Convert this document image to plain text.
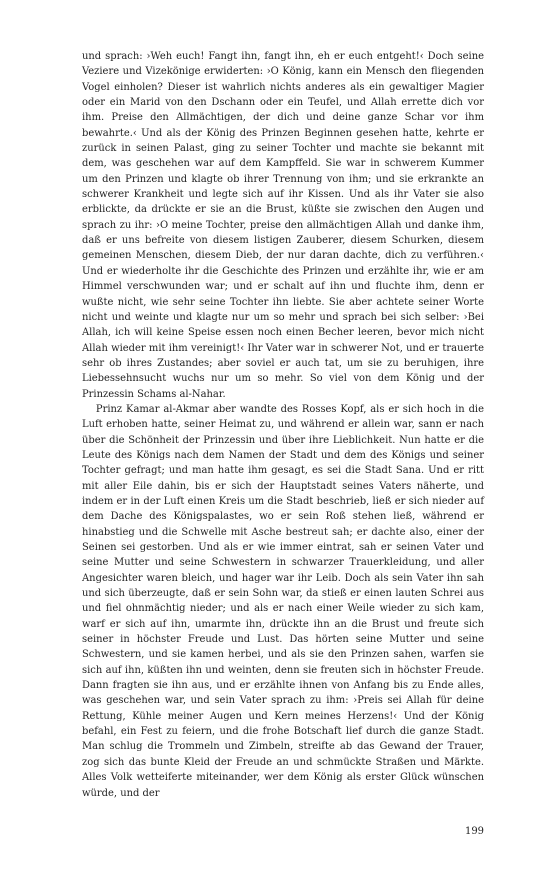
und sprach: ›Weh euch! Fangt ihn, fangt ihn, eh er euch entgeht!‹ Doch seine Veziere und Vizekönige erwiderten: ›O König, kann ein Mensch den fliegenden Vogel einholen? Dieser ist wahrlich nichts anderes als ein gewaltiger Magier oder ein Marid von den Dschann oder ein Teufel, und Allah errette dich vor ihm. Preise den Allmächtigen, der dich und deine ganze Schar vor ihm bewahrte.‹ Und als der König des Prinzen Beginnen gesehen hatte, kehrte er zurück in seinen Palast, ging zu seiner Tochter und machte sie bekannt mit dem, was geschehen war auf dem Kampffeld. Sie war in schwerem Kummer um den Prinzen und klagte ob ihrer Trennung von ihm; und sie erkrankte an schwerer Krankheit und legte sich auf ihr Kissen. Und als ihr Vater sie also erblickte, da drückte er sie an die Brust, küßte sie zwischen den Augen und sprach zu ihr: ›O meine Tochter, preise den allmächtigen Allah und danke ihm, daß er uns befreite von diesem listigen Zauberer, diesem Schurken, diesem gemeinen Menschen, diesem Dieb, der nur daran dachte, dich zu verführen.‹ Und er wiederholte ihr die Geschichte des Prinzen und erzählte ihr, wie er am Himmel verschwunden war; und er schalt auf ihn und fluchte ihm, denn er wußte nicht, wie sehr seine Tochter ihn liebte. Sie aber achtete seiner Worte nicht und weinte und klagte nur um so mehr und sprach bei sich selber: ›Bei Allah, ich will keine Speise essen noch einen Becher leeren, bevor mich nicht Allah wieder mit ihm vereinigt!‹ Ihr Vater war in schwerer Not, und er trauerte sehr ob ihres Zustandes; aber soviel er auch tat, um sie zu beruhigen, ihre Liebessehnsucht wuchs nur um so mehr. So viel von dem König und der Prinzessin Schams al-Nahar.

Prinz Kamar al-Akmar aber wandte des Rosses Kopf, als er sich hoch in die Luft erhoben hatte, seiner Heimat zu, und während er allein war, sann er nach über die Schönheit der Prinzessin und über ihre Lieblichkeit. Nun hatte er die Leute des Königs nach dem Namen der Stadt und dem des Königs und seiner Tochter gefragt; und man hatte ihm gesagt, es sei die Stadt Sana. Und er ritt mit aller Eile dahin, bis er sich der Hauptstadt seines Vaters näherte, und indem er in der Luft einen Kreis um die Stadt beschrieb, ließ er sich nieder auf dem Dache des Königspalastes, wo er sein Roß stehen ließ, während er hinabstieg und die Schwelle mit Asche bestreut sah; er dachte also, einer der Seinen sei gestorben. Und als er wie immer eintrat, sah er seinen Vater und seine Mutter und seine Schwestern in schwarzer Trauerkleidung, und aller Angesichter waren bleich, und hager war ihr Leib. Doch als sein Vater ihn sah und sich überzeugte, daß er sein Sohn war, da stieß er einen lauten Schrei aus und fiel ohnmächtig nieder; und als er nach einer Weile wieder zu sich kam, warf er sich auf ihn, umarmte ihn, drückte ihn an die Brust und freute sich seiner in höchster Freude und Lust. Das hörten seine Mutter und seine Schwestern, und sie kamen herbei, und als sie den Prinzen sahen, warfen sie sich auf ihn, küßten ihn und weinten, denn sie freuten sich in höchster Freude. Dann fragten sie ihn aus, und er erzählte ihnen von Anfang bis zu Ende alles, was geschehen war, und sein Vater sprach zu ihm: ›Preis sei Allah für deine Rettung, Kühle meiner Augen und Kern meines Herzens!‹ Und der König befahl, ein Fest zu feiern, und die frohe Botschaft lief durch die ganze Stadt. Man schlug die Trommeln und Zimbeln, streifte ab das Gewand der Trauer, zog sich das bunte Kleid der Freude an und schmückte Straßen und Märkte. Alles Volk wetteiferte miteinander, wer dem König als erster Glück wünschen würde, und der

199
